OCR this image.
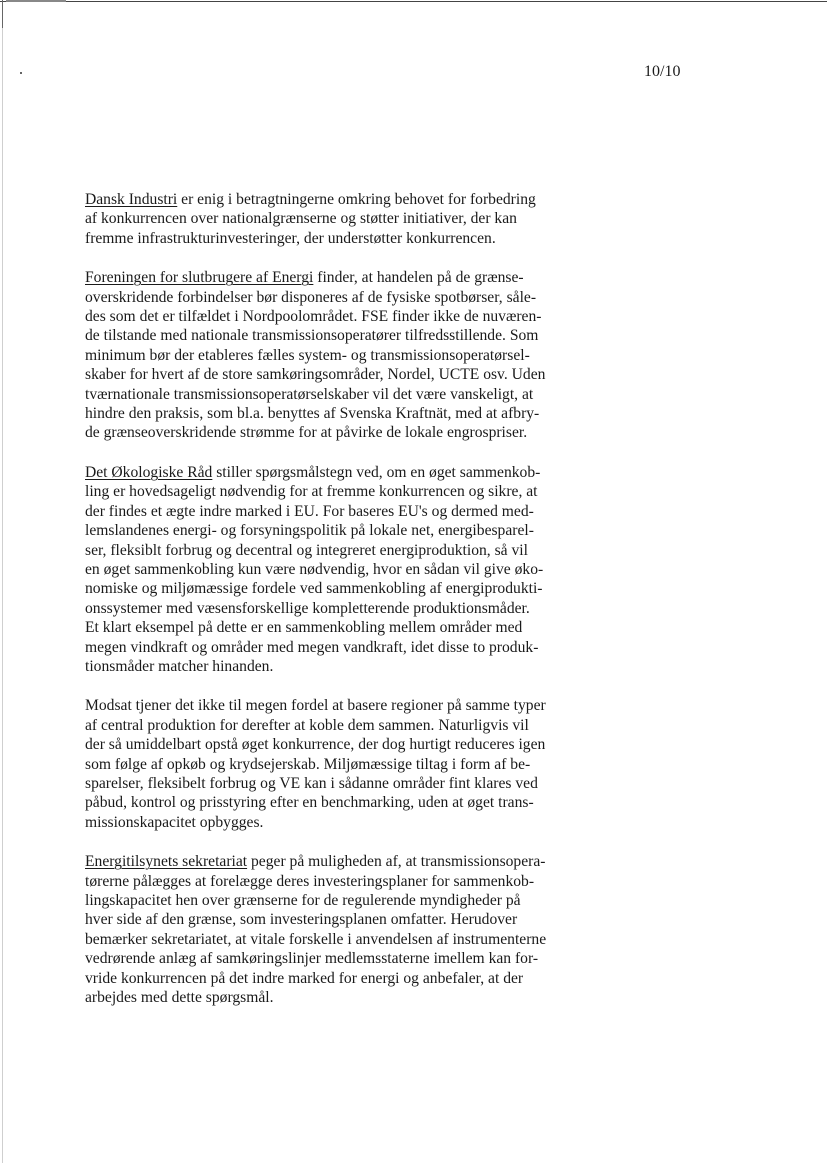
10/10

Dansk Industri er enig i betragtningerne omkring behovet for forbedring
af konkurrencen over nationalgrænserne og støtter initiativer, der kan
fremme infrastrukturinvesteringer, der understøtter konkurrencen.

Foreningen for slutbrugere af Energi finder, at handelen på de grænse-
overskridende forbindelser bør disponeres af de fysiske spotbørser, såle-
des som det er tilfældet i Nordpoolområdet. FSE finder ikke de nuværen-
de tilstande med nationale transmissionsoperatører tilfredsstillende. Som
minimum bør der etableres fælles system- og transmissionsoperatørsel-
skaber for hvert af de store samkøringsområder, Nordel, UCTE osv. Uden
tværnationale transmissionsoperatørselskaber vil det være vanskeligt, at
hindre den praksis, som bl.a. benyttes af Svenska Kraftnät, med at afbry-
de grænseoverskridende strømme for at påvirke de lokale engrospriser.

Det Økologiske Råd stiller spørgsmålstegn ved, om en øget sammenkob-
ling er hovedsageligt nødvendig for at fremme konkurrencen og sikre, at
der findes et ægte indre marked i EU. For baseres EU's og dermed med-
lemslandenes energi- og forsyningspolitik på lokale net, energibesparel-
ser, fleksiblt forbrug og decentral og integreret energiproduktion, så vil
en øget sammenkobling kun være nødvendig, hvor en sådan vil give øko-
nomiske og miljømæssige fordele ved sammenkobling af energiprodukti-
onssystemer med væsensforskellige kompletterende produktionsmåder.
Et klart eksempel på dette er en sammenkobling mellem områder med
megen vindkraft og områder med megen vandkraft, idet disse to produk-
tionsmåder matcher hinanden.

Modsat tjener det ikke til megen fordel at basere regioner på samme typer
af central produktion for derefter at koble dem sammen. Naturligvis vil
der så umiddelbart opstå øget konkurrence, der dog hurtigt reduceres igen
som følge af opkøb og krydsejerskab. Miljømæssige tiltag i form af be-
sparelser, fleksibelt forbrug og VE kan i sådanne områder fint klares ved
påbud, kontrol og prisstyring efter en benchmarking, uden at øget trans-
missionskapacitet opbygges.

Energitilsynets sekretariat peger på muligheden af, at transmissionsopera-
tørerne pålægges at forelægge deres investeringsplaner for sammenkob-
lingskapacitet hen over grænserne for de regulerende myndigheder på
hver side af den grænse, som investeringsplanen omfatter. Herudover
bemærker sekretariatet, at vitale forskelle i anvendelsen af instrumenterne
vedrørende anlæg af samkøringslinjer medlemsstaterne imellem kan for-
vride konkurrencen på det indre marked for energi og anbefaler, at der
arbejdes med dette spørgsmål.
